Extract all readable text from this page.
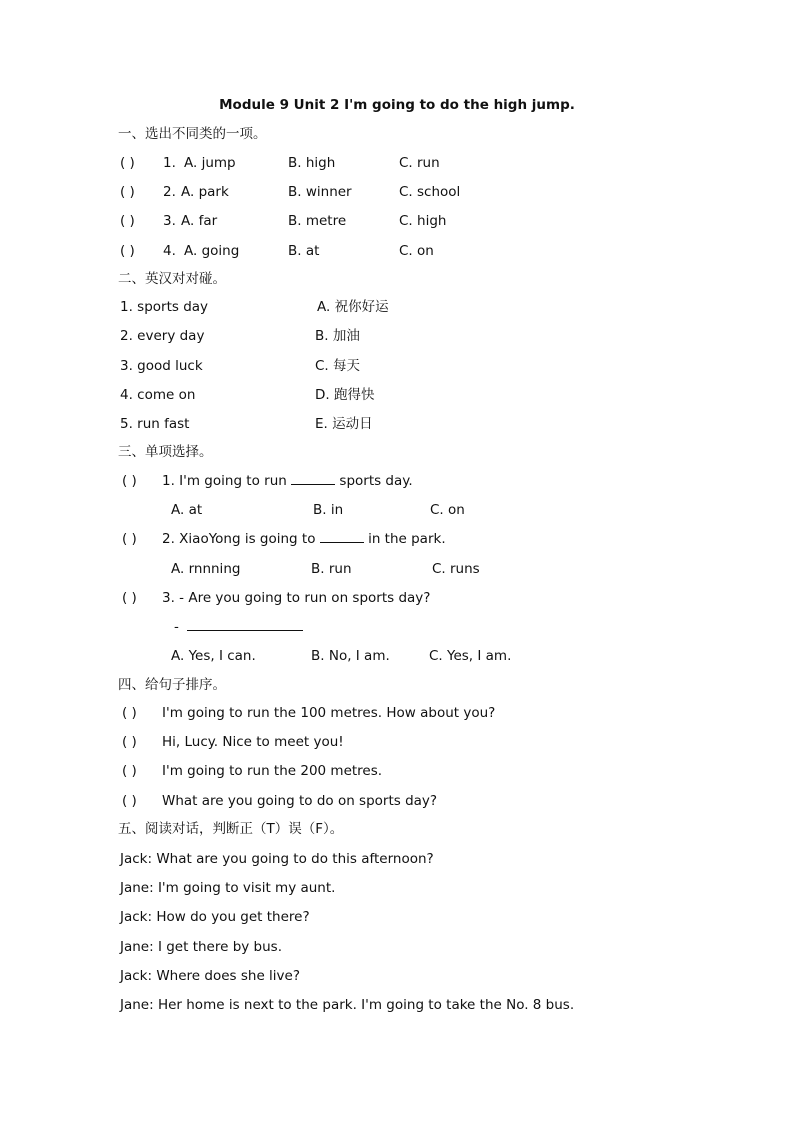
Module 9 Unit 2 I'm going to do the high jump.
一、选出不同类的一项。
( ) 1. A. jump	B. high	C. run
( ) 2. A. park	B. winner	C. school
( ) 3. A. far	B. metre	C. high
( ) 4. A. going	B. at	C. on
二、英汉对对碰。
1. sports day	A. 祝你好运
2. every day	B. 加油
3. good luck	C. 每天
4. come on	D. 跑得快
5. run fast	E. 运动日
三、单项选择。
( ) 1. I'm going to run	sports day.
A. at	B. in	C. on
( ) 2. XiaoYong is going to	in the park.
A. rnnning	B. run	C. runs
( ) 3. - Are you going to run on sports day?
-
A. Yes, I can.	B. No, I am.	C. Yes, I am.
四、给句子排序。
( ) I'm going to run the 100 metres. How about you?
( ) Hi, Lucy. Nice to meet you!
( ) I'm going to run the 200 metres.
( ) What are you going to do on sports day?
五、阅读对话，判断正（T）误（F）。
Jack: What are you going to do this afternoon?
Jane: I'm going to visit my aunt.
Jack: How do you get there?
Jane: I get there by bus.
Jack: Where does she live?
Jane: Her home is next to the park. I'm going to take the No. 8 bus.
